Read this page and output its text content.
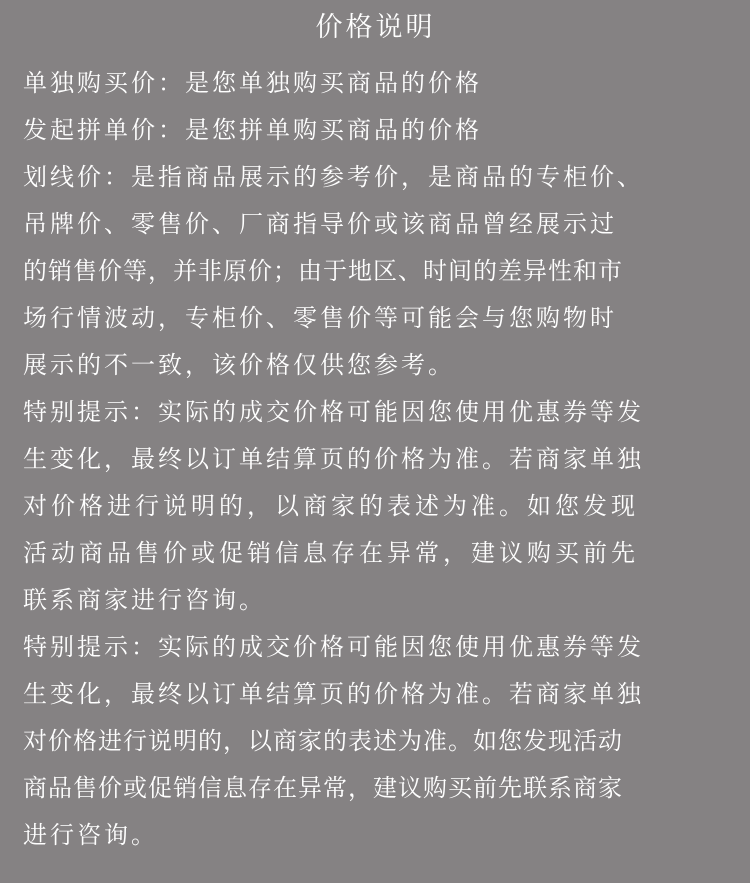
价格说明
单独购买价：是您单独购买商品的价格
发起拼单价：是您拼单购买商品的价格
划线价：是指商品展示的参考价，是商品的专柜价、
吊牌价、零售价、厂商指导价或该商品曾经展示过
的销售价等，并非原价；由于地区、时间的差异性和市
场行情波动，专柜价、零售价等可能会与您购物时
展示的不一致，该价格仅供您参考。
特别提示：实际的成交价格可能因您使用优惠券等发
生变化，最终以订单结算页的价格为准。若商家单独
对价格进行说明的，以商家的表述为准。如您发现
活动商品售价或促销信息存在异常，建议购买前先
联系商家进行咨询。
特别提示：实际的成交价格可能因您使用优惠券等发
生变化，最终以订单结算页的价格为准。若商家单独
对价格进行说明的，以商家的表述为准。如您发现活动
商品售价或促销信息存在异常，建议购买前先联系商家
进行咨询。
